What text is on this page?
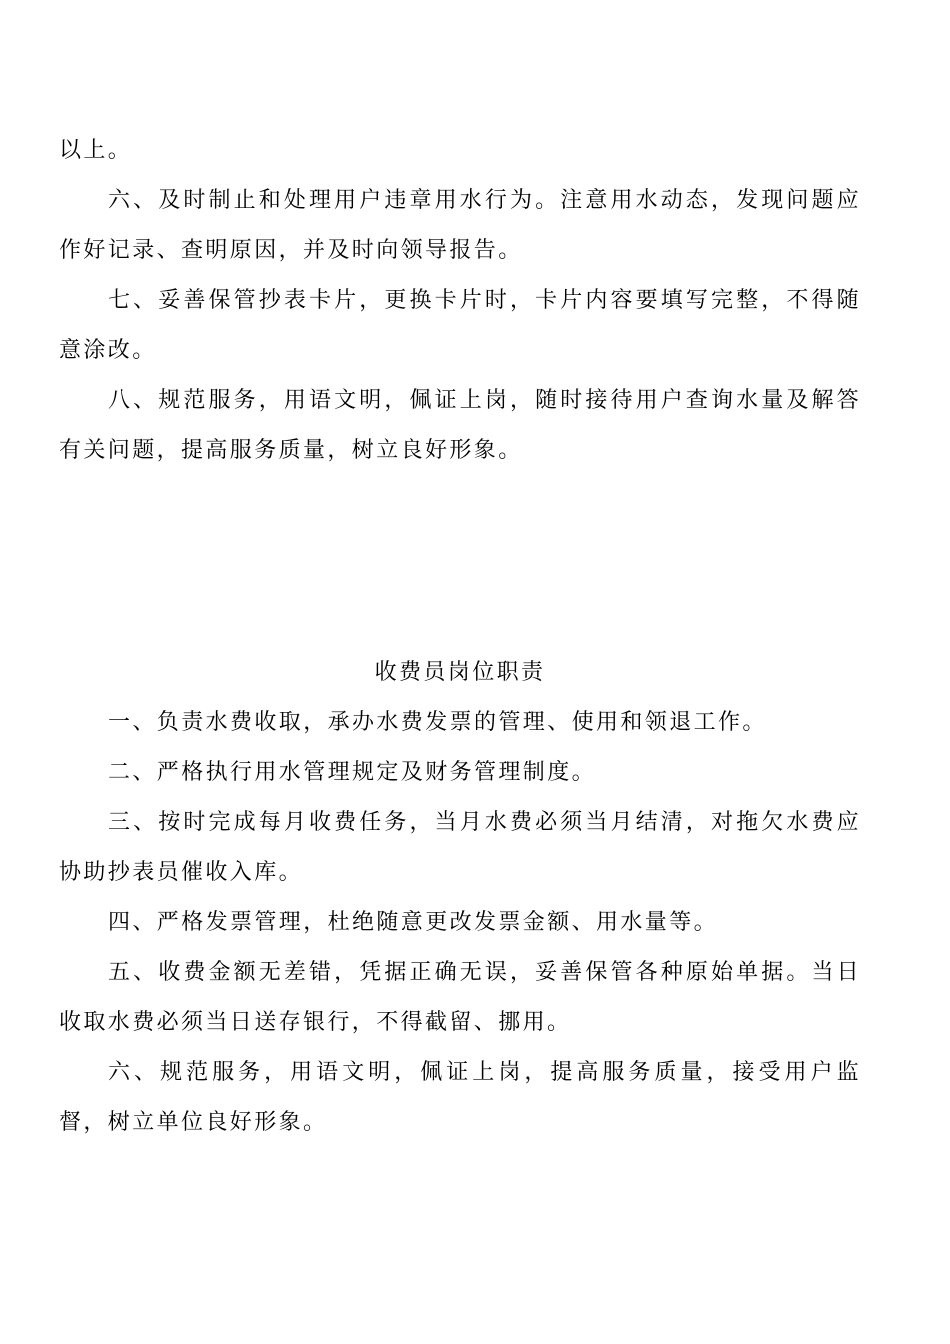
以上。

六、及时制止和处理用户违章用水行为。注意用水动态，发现问题应作好记录、查明原因，并及时向领导报告。

七、妥善保管抄表卡片，更换卡片时，卡片内容要填写完整，不得随意涂改。

八、规范服务，用语文明，佩证上岗，随时接待用户查询水量及解答有关问题，提高服务质量，树立良好形象。

收费员岗位职责

一、负责水费收取，承办水费发票的管理、使用和领退工作。

二、严格执行用水管理规定及财务管理制度。

三、按时完成每月收费任务，当月水费必须当月结清，对拖欠水费应协助抄表员催收入库。

四、严格发票管理，杜绝随意更改发票金额、用水量等。

五、收费金额无差错，凭据正确无误，妥善保管各种原始单据。当日收取水费必须当日送存银行，不得截留、挪用。

六、规范服务，用语文明，佩证上岗，提高服务质量，接受用户监督，树立单位良好形象。
